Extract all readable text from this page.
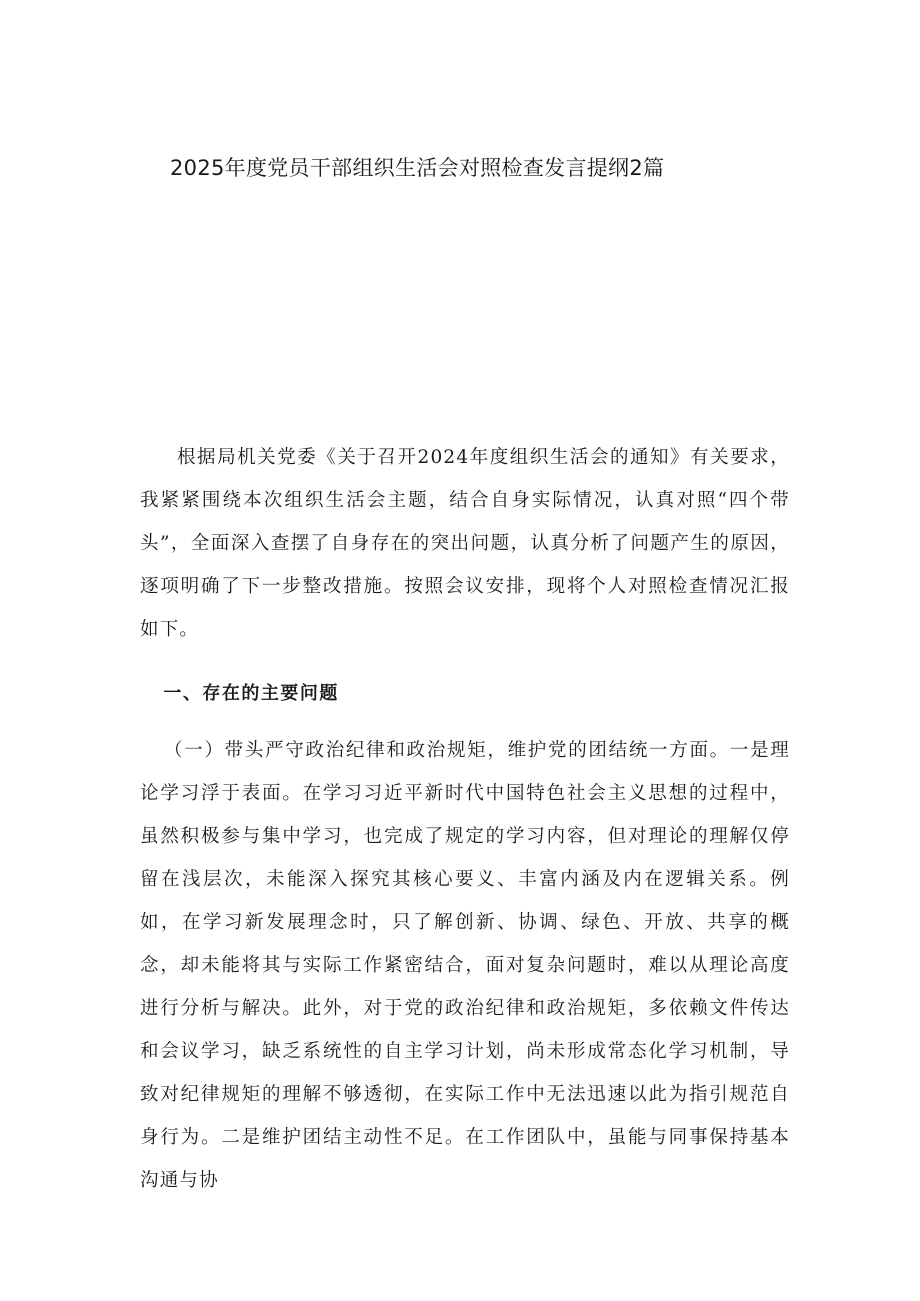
2025年度党员干部组织生活会对照检查发言提纲2篇

根据局机关党委《关于召开2024年度组织生活会的通知》有关要求，我紧紧围绕本次组织生活会主题，结合自身实际情况，认真对照“四个带头”，全面深入查摆了自身存在的突出问题，认真分析了问题产生的原因，逐项明确了下一步整改措施。按照会议安排，现将个人对照检查情况汇报如下。

一、存在的主要问题

（一）带头严守政治纪律和政治规矩，维护党的团结统一方面。一是理论学习浮于表面。在学习习近平新时代中国特色社会主义思想的过程中，虽然积极参与集中学习，也完成了规定的学习内容，但对理论的理解仅停留在浅层次，未能深入探究其核心要义、丰富内涵及内在逻辑关系。例如，在学习新发展理念时，只了解创新、协调、绿色、开放、共享的概念，却未能将其与实际工作紧密结合，面对复杂问题时，难以从理论高度进行分析与解决。此外，对于党的政治纪律和政治规矩，多依赖文件传达和会议学习，缺乏系统性的自主学习计划，尚未形成常态化学习机制，导致对纪律规矩的理解不够透彻，在实际工作中无法迅速以此为指引规范自身行为。二是维护团结主动性不足。在工作团队中，虽能与同事保持基本沟通与协
